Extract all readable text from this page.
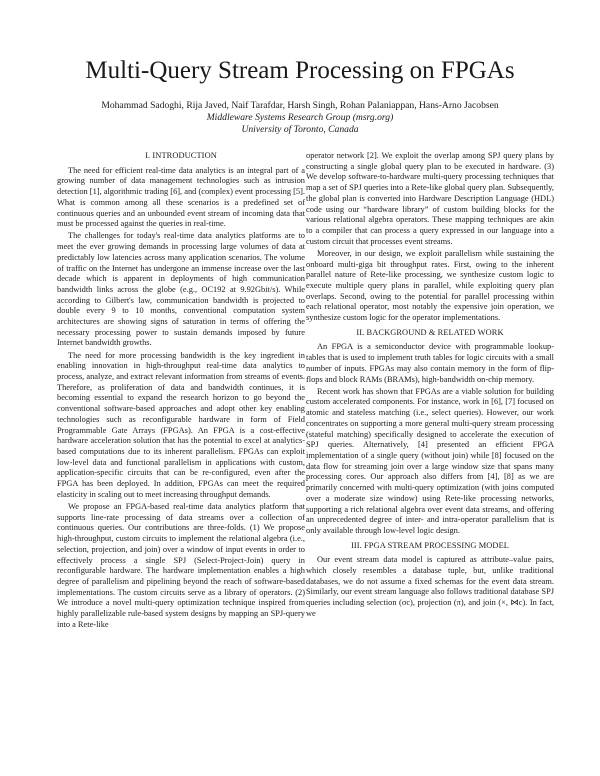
Multi-Query Stream Processing on FPGAs
Mohammad Sadoghi, Rija Javed, Naif Tarafdar, Harsh Singh, Rohan Palaniappan, Hans-Arno Jacobsen
Middleware Systems Research Group (msrg.org)
University of Toronto, Canada
I. INTRODUCTION

The need for efficient real-time data analytics is an integral part of a growing number of data management technologies such as intrusion detection [1], algorithmic trading [6], and (complex) event processing [5]. What is common among all these scenarios is a predefined set of continuous queries and an unbounded event stream of incoming data that must be processed against the queries in real-time.

The challenges for today's real-time data analytics platforms are to meet the ever growing demands in processing large volumes of data at predictably low latencies across many application scenarios. The volume of traffic on the Internet has undergone an immense increase over the last decade which is apparent in deployments of high communication bandwidth links across the globe (e.g., OC192 at 9.92Gbit/s). While according to Gilbert's law, communication bandwidth is projected to double every 9 to 10 months, conventional computation system architectures are showing signs of saturation in terms of offering the necessary processing power to sustain demands imposed by future Internet bandwidth growths.

The need for more processing bandwidth is the key ingredient in enabling innovation in high-throughput real-time data analytics to process, analyze, and extract relevant information from streams of events. Therefore, as proliferation of data and bandwidth continues, it is becoming essential to expand the research horizon to go beyond the conventional software-based approaches and adopt other key enabling technologies such as reconfigurable hardware in form of Field Programmable Gate Arrays (FPGAs). An FPGA is a cost-effective hardware acceleration solution that has the potential to excel at analytics-based computations due to its inherent parallelism. FPGAs can exploit low-level data and functional parallelism in applications with custom, application-specific circuits that can be re-configured, even after the FPGA has been deployed. In addition, FPGAs can meet the required elasticity in scaling out to meet increasing throughput demands.

We propose an FPGA-based real-time data analytics platform that supports line-rate processing of data streams over a collection of continuous queries. Our contributions are three-folds. (1) We propose high-throughput, custom circuits to implement the relational algebra (i.e., selection, projection, and join) over a window of input events in order to effectively process a single SPJ (Select-Project-Join) query in reconfigurable hardware. The hardware implementation enables a high degree of parallelism and pipelining beyond the reach of software-based implementations. The custom circuits serve as a library of operators. (2) We introduce a novel multi-query optimization technique inspired from highly parallelizable rule-based system designs by mapping an SPJ-query into a Rete-like

operator network [2]. We exploit the overlap among SPJ query plans by constructing a single global query plan to be executed in hardware. (3) We develop software-to-hardware multi-query processing techniques that map a set of SPJ queries into a Rete-like global query plan. Subsequently, the global plan is converted into Hardware Description Language (HDL) code using our “hardware library” of custom building blocks for the various relational algebra operators. These mapping techniques are akin to a compiler that can process a query expressed in our language into a custom circuit that processes event streams.

Moreover, in our design, we exploit parallelism while sustaining the onboard multi-giga bit throughput rates. First, owing to the inherent parallel nature of Rete-like processing, we synthesize custom logic to execute multiple query plans in parallel, while exploiting query plan overlaps. Second, owing to the potential for parallel processing within each relational operator, most notably the expensive join operation, we synthesize custom logic for the operator implementations.

II. BACKGROUND & RELATED WORK

An FPGA is a semiconductor device with programmable lookup-tables that is used to implement truth tables for logic circuits with a small number of inputs. FPGAs may also contain memory in the form of flip-flops and block RAMs (BRAMs), high-bandwidth on-chip memory.

Recent work has shown that FPGAs are a viable solution for building custom accelerated components. For instance, work in [6], [7] focused on atomic and stateless matching (i.e., select queries). However, our work concentrates on supporting a more general multi-query stream processing (stateful matching) specifically designed to accelerate the execution of SPJ queries. Alternatively, [4] presented an efficient FPGA implementation of a single query (without join) while [8] focused on the data flow for streaming join over a large window size that spans many processing cores. Our approach also differs from [4], [8] as we are primarily concerned with multi-query optimization (with joins computed over a moderate size window) using Rete-like processing networks, supporting a rich relational algebra over event data streams, and offering an unprecedented degree of inter- and intra-operator parallelism that is only available through low-level logic design.

III. FPGA STREAM PROCESSING MODEL

Our event stream data model is captured as attribute–value pairs, which closely resembles a database tuple, but, unlike traditional databases, we do not assume a fixed schemas for the event data stream. Similarly, our event stream language also follows traditional database SPJ queries including selection (σc), projection (π), and join (×, ⋈c). In fact, we
